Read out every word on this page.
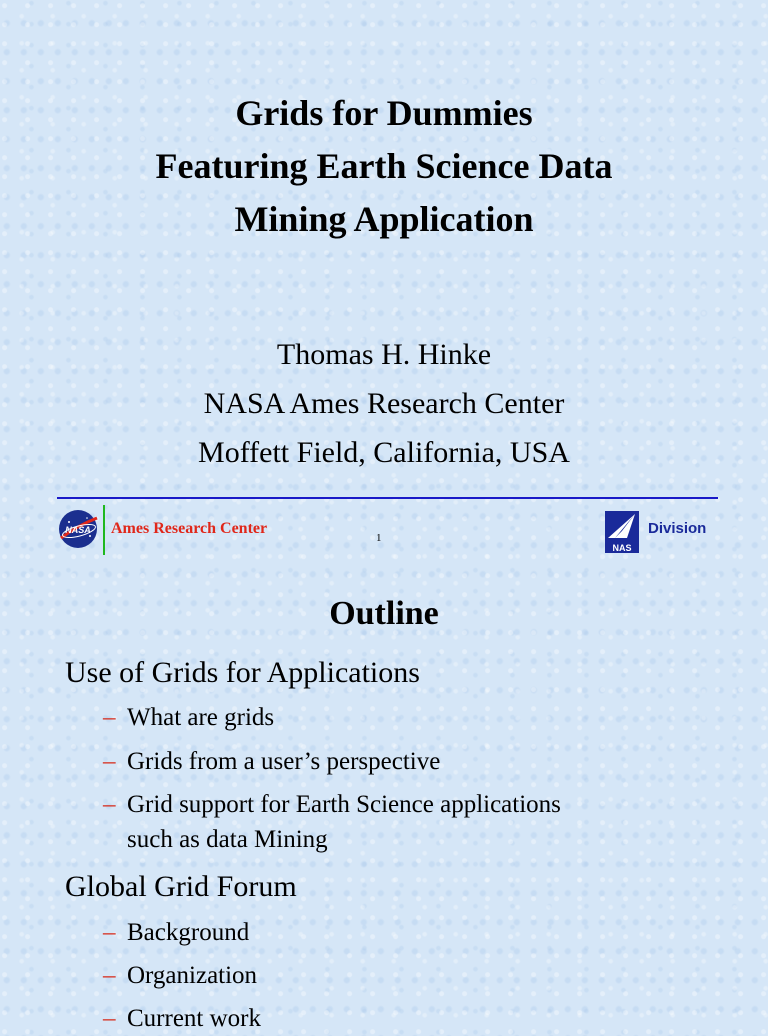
Grids for Dummies
Featuring Earth Science Data
Mining Application
Thomas H. Hinke
NASA Ames Research Center
Moffett Field, California, USA
NASA Ames Research Center
1
NAS
Division
Outline
Use of Grids for Applications
– What are grids
– Grids from a user’s perspective
– Grid support for Earth Science applications
such as data Mining
Global Grid Forum
– Background
– Organization
– Current work
